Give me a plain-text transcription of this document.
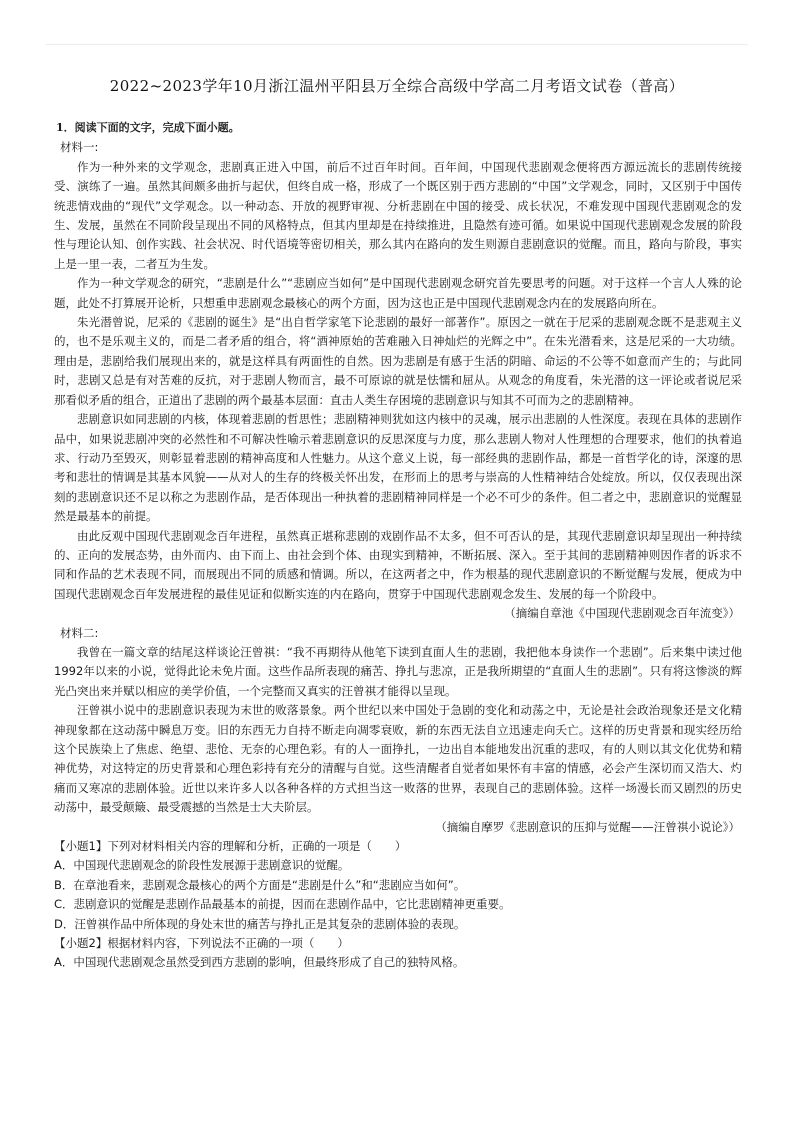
2022~2023学年10月浙江温州平阳县万全综合高级中学高二月考语文试卷（普高）

1．阅读下面的文字，完成下面小题。

材料一:

作为一种外来的文学观念，悲剧真正进入中国，前后不过百年时间。百年间，中国现代悲剧观念便将西方源远流长的悲剧传统接受、演练了一遍。虽然其间颇多曲折与起伏，但终自成一格，形成了一个既区别于西方悲剧的“中国”文学观念，同时，又区别于中国传统悲情戏曲的“现代”文学观念。以一种动态、开放的视野审视、分析悲剧在中国的接受、成长状况，不难发现中国现代悲剧观念的发生、发展，虽然在不同阶段呈现出不同的风格特点，但其内里却是在持续推进，且隐然有迹可循。如果说中国现代悲剧观念发展的阶段性与理论认知、创作实践、社会状况、时代语境等密切相关，那么其内在路向的发生则源自悲剧意识的觉醒。而且，路向与阶段，事实上是一里一表，二者互为生发。

作为一种文学观念的研究，“悲剧是什么”“悲剧应当如何”是中国现代悲剧观念研究首先要思考的问题。对于这样一个言人人殊的论题，此处不打算展开论析，只想重申悲剧观念最核心的两个方面，因为这也正是中国现代悲剧观念内在的发展路向所在。

朱光潜曾说，尼采的《悲剧的诞生》是“出自哲学家笔下论悲剧的最好一部著作”。原因之一就在于尼采的悲剧观念既不是悲观主义的，也不是乐观主义的，而是二者矛盾的组合，将“酒神原始的苦难融入日神灿烂的光辉之中”。在朱光潜看来，这是尼采的一大功绩。理由是，悲剧给我们展现出来的，就是这样具有两面性的自然。因为悲剧是有感于生活的阴暗、命运的不公等不如意而产生的；与此同时，悲剧又总是有对苦难的反抗，对于悲剧人物而言，最不可原谅的就是怯懦和屈从。从观念的角度看，朱光潜的这一评论或者说尼采那看似矛盾的组合，正道出了悲剧的两个最基本层面：直击人类生存困境的悲剧意识与知其不可而为之的悲剧精神。

悲剧意识如同悲剧的内核，体现着悲剧的哲思性；悲剧精神则犹如这内核中的灵魂，展示出悲剧的人性深度。表现在具体的悲剧作品中，如果说悲剧冲突的必然性和不可解决性喻示着悲剧意识的反思深度与力度，那么悲剧人物对人性理想的合理要求，他们的执着追求、行动乃至毁灭，则彰显着悲剧的精神高度和人性魅力。从这个意义上说，每一部经典的悲剧作品，都是一首哲学化的诗，深邃的思考和悲壮的情调是其基本风貌——从对人的生存的终极关怀出发，在形而上的思考与崇高的人性精神结合处绽放。所以，仅仅表现出深刻的悲剧意识还不足以称之为悲剧作品，是否体现出一种执着的悲剧精神同样是一个必不可少的条件。但二者之中，悲剧意识的觉醒显然是最基本的前提。

由此反观中国现代悲剧观念百年进程，虽然真正堪称悲剧的戏剧作品不太多，但不可否认的是，其现代悲剧意识却呈现出一种持续的、正向的发展态势，由外而内、由下而上、由社会到个体、由现实到精神，不断拓展、深入。至于其间的悲剧精神则因作者的诉求不同和作品的艺术表现不同，而展现出不同的质感和情调。所以，在这两者之中，作为根基的现代悲剧意识的不断觉醒与发展，便成为中国现代悲剧观念百年发展进程的最佳见证和似断实连的内在路向，贯穿于中国现代悲剧观念发生、发展的每一个阶段中。

（摘编自章池《中国现代悲剧观念百年流变》）

材料二:

我曾在一篇文章的结尾这样谈论汪曾祺：“我不再期待从他笔下读到直面人生的悲剧，我把他本身读作一个悲剧”。后来集中读过他1992年以来的小说，觉得此论未免片面。这些作品所表现的痛苦、挣扎与悲凉，正是我所期望的“直面人生的悲剧”。只有将这惨淡的辉光凸突出来并赋以相应的美学价值，一个完整而又真实的汪曾祺才能得以呈现。

汪曾祺小说中的悲剧意识表现为末世的败落景象。两个世纪以来中国处于急剧的变化和动荡之中，无论是社会政治现象还是文化精神现象都在这动荡中瞬息万变。旧的东西无力自持不断走向凋零衰败，新的东西无法自立迅速走向夭亡。这样的历史背景和现实经历给这个民族染上了焦虑、绝望、悲怆、无奈的心理色彩。有的人一面挣扎，一边出自本能地发出沉重的悲叹，有的人则以其文化优势和精神优势，对这特定的历史背景和心理色彩持有充分的清醒与自觉。这些清醒者自觉者如果怀有丰富的情感，必会产生深切而又浩大、灼痛而又寒凉的悲剧体验。近世以来许多人以各种各样的方式担当这一败落的世界，表现自己的悲剧体验。这样一场漫长而又剧烈的历史动荡中，最受颠簸、最受震撼的当然是士大夫阶层。

（摘编自摩罗《悲剧意识的压抑与觉醒——汪曾祺小说论》）

【小题1】下列对材料相关内容的理解和分析，正确的一项是（　　）

A．中国现代悲剧观念的阶段性发展源于悲剧意识的觉醒。

B．在章池看来，悲剧观念最核心的两个方面是“悲剧是什么”和“悲剧应当如何”。

C．悲剧意识的觉醒是悲剧作品最基本的前提，因而在悲剧作品中，它比悲剧精神更重要。

D．汪曾祺作品中所体现的身处末世的痛苦与挣扎正是其复杂的悲剧体验的表现。

【小题2】根据材料内容，下列说法不正确的一项（　　）

A．中国现代悲剧观念虽然受到西方悲剧的影响，但最终形成了自己的独特风格。
